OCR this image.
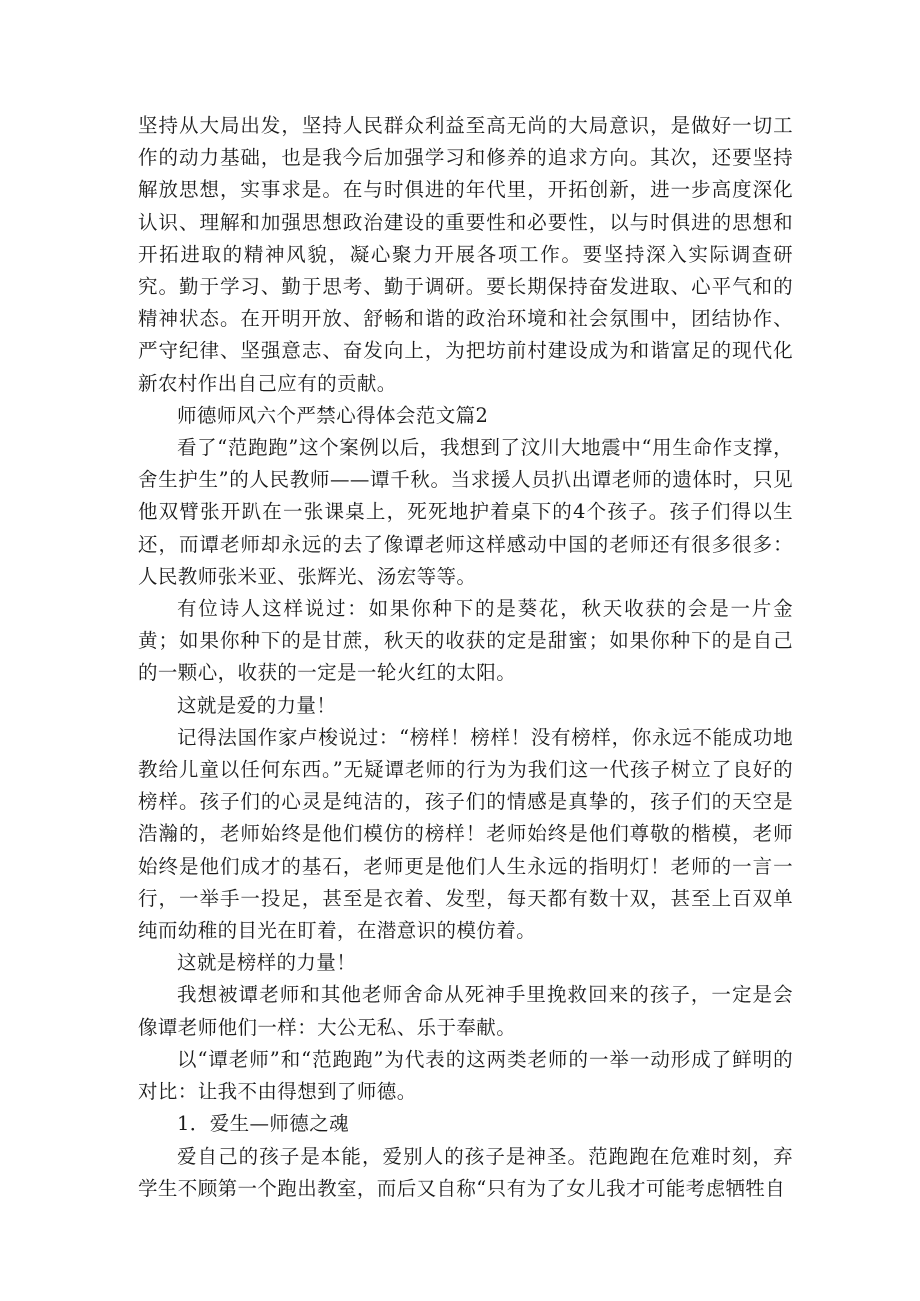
坚持从大局出发，坚持人民群众利益至高无尚的大局意识，是做好一切工作的动力基础，也是我今后加强学习和修养的追求方向。其次，还要坚持解放思想，实事求是。在与时俱进的年代里，开拓创新，进一步高度深化认识、理解和加强思想政治建设的重要性和必要性，以与时俱进的思想和开拓进取的精神风貌，凝心聚力开展各项工作。要坚持深入实际调查研究。勤于学习、勤于思考、勤于调研。要长期保持奋发进取、心平气和的精神状态。在开明开放、舒畅和谐的政治环境和社会氛围中，团结协作、严守纪律、坚强意志、奋发向上，为把坊前村建设成为和谐富足的现代化新农村作出自己应有的贡献。

师德师风六个严禁心得体会范文篇2

看了“范跑跑”这个案例以后，我想到了汶川大地震中“用生命作支撑，舍生护生”的人民教师——谭千秋。当求援人员扒出谭老师的遗体时，只见他双臂张开趴在一张课桌上，死死地护着桌下的4个孩子。孩子们得以生还，而谭老师却永远的去了像谭老师这样感动中国的老师还有很多很多：人民教师张米亚、张辉光、汤宏等等。

有位诗人这样说过：如果你种下的是葵花，秋天收获的会是一片金黄；如果你种下的是甘蔗，秋天的收获的定是甜蜜；如果你种下的是自己的一颗心，收获的一定是一轮火红的太阳。

这就是爱的力量！

记得法国作家卢梭说过：“榜样！榜样！没有榜样，你永远不能成功地教给儿童以任何东西。”无疑谭老师的行为为我们这一代孩子树立了良好的榜样。孩子们的心灵是纯洁的，孩子们的情感是真挚的，孩子们的天空是浩瀚的，老师始终是他们模仿的榜样！老师始终是他们尊敬的楷模，老师始终是他们成才的基石，老师更是他们人生永远的指明灯！老师的一言一行，一举手一投足，甚至是衣着、发型，每天都有数十双，甚至上百双单纯而幼稚的目光在盯着，在潜意识的模仿着。

这就是榜样的力量！

我想被谭老师和其他老师舍命从死神手里挽救回来的孩子，一定是会像谭老师他们一样：大公无私、乐于奉献。

以“谭老师”和“范跑跑”为代表的这两类老师的一举一动形成了鲜明的对比：让我不由得想到了师德。

1．爱生—师德之魂

爱自己的孩子是本能，爱别人的孩子是神圣。范跑跑在危难时刻，弃学生不顾第一个跑出教室，而后又自称“只有为了女儿我才可能考虑牺牲自
